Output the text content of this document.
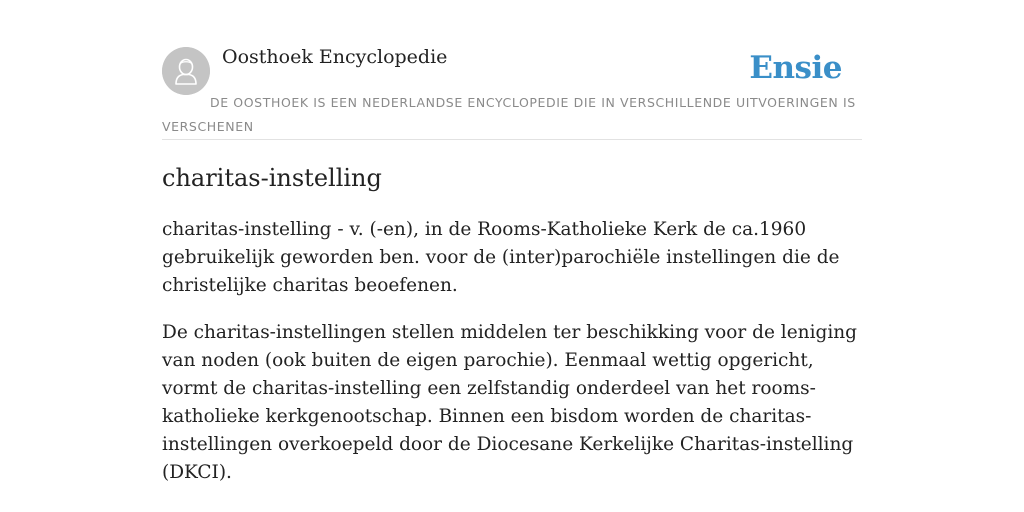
Oosthoek Encyclopedie	Ensie
DE OOSTHOEK IS EEN NEDERLANDSE ENCYCLOPEDIE DIE IN VERSCHILLENDE UITVOERINGEN IS VERSCHENEN
charitas-instelling

charitas-instelling - v. (-en), in de Rooms-Katholieke Kerk de ca.1960 gebruikelijk geworden ben. voor de (inter)parochiële instellingen die de christelijke charitas beoefenen.

De charitas-instellingen stellen middelen ter beschikking voor de leniging van noden (ook buiten de eigen parochie). Eenmaal wettig opgericht, vormt de charitas-instelling een zelfstandig onderdeel van het rooms-katholieke kerkgenootschap. Binnen een bisdom worden de charitas-instellingen overkoepeld door de Diocesane Kerkelijke Charitas-instelling (DKCI).
